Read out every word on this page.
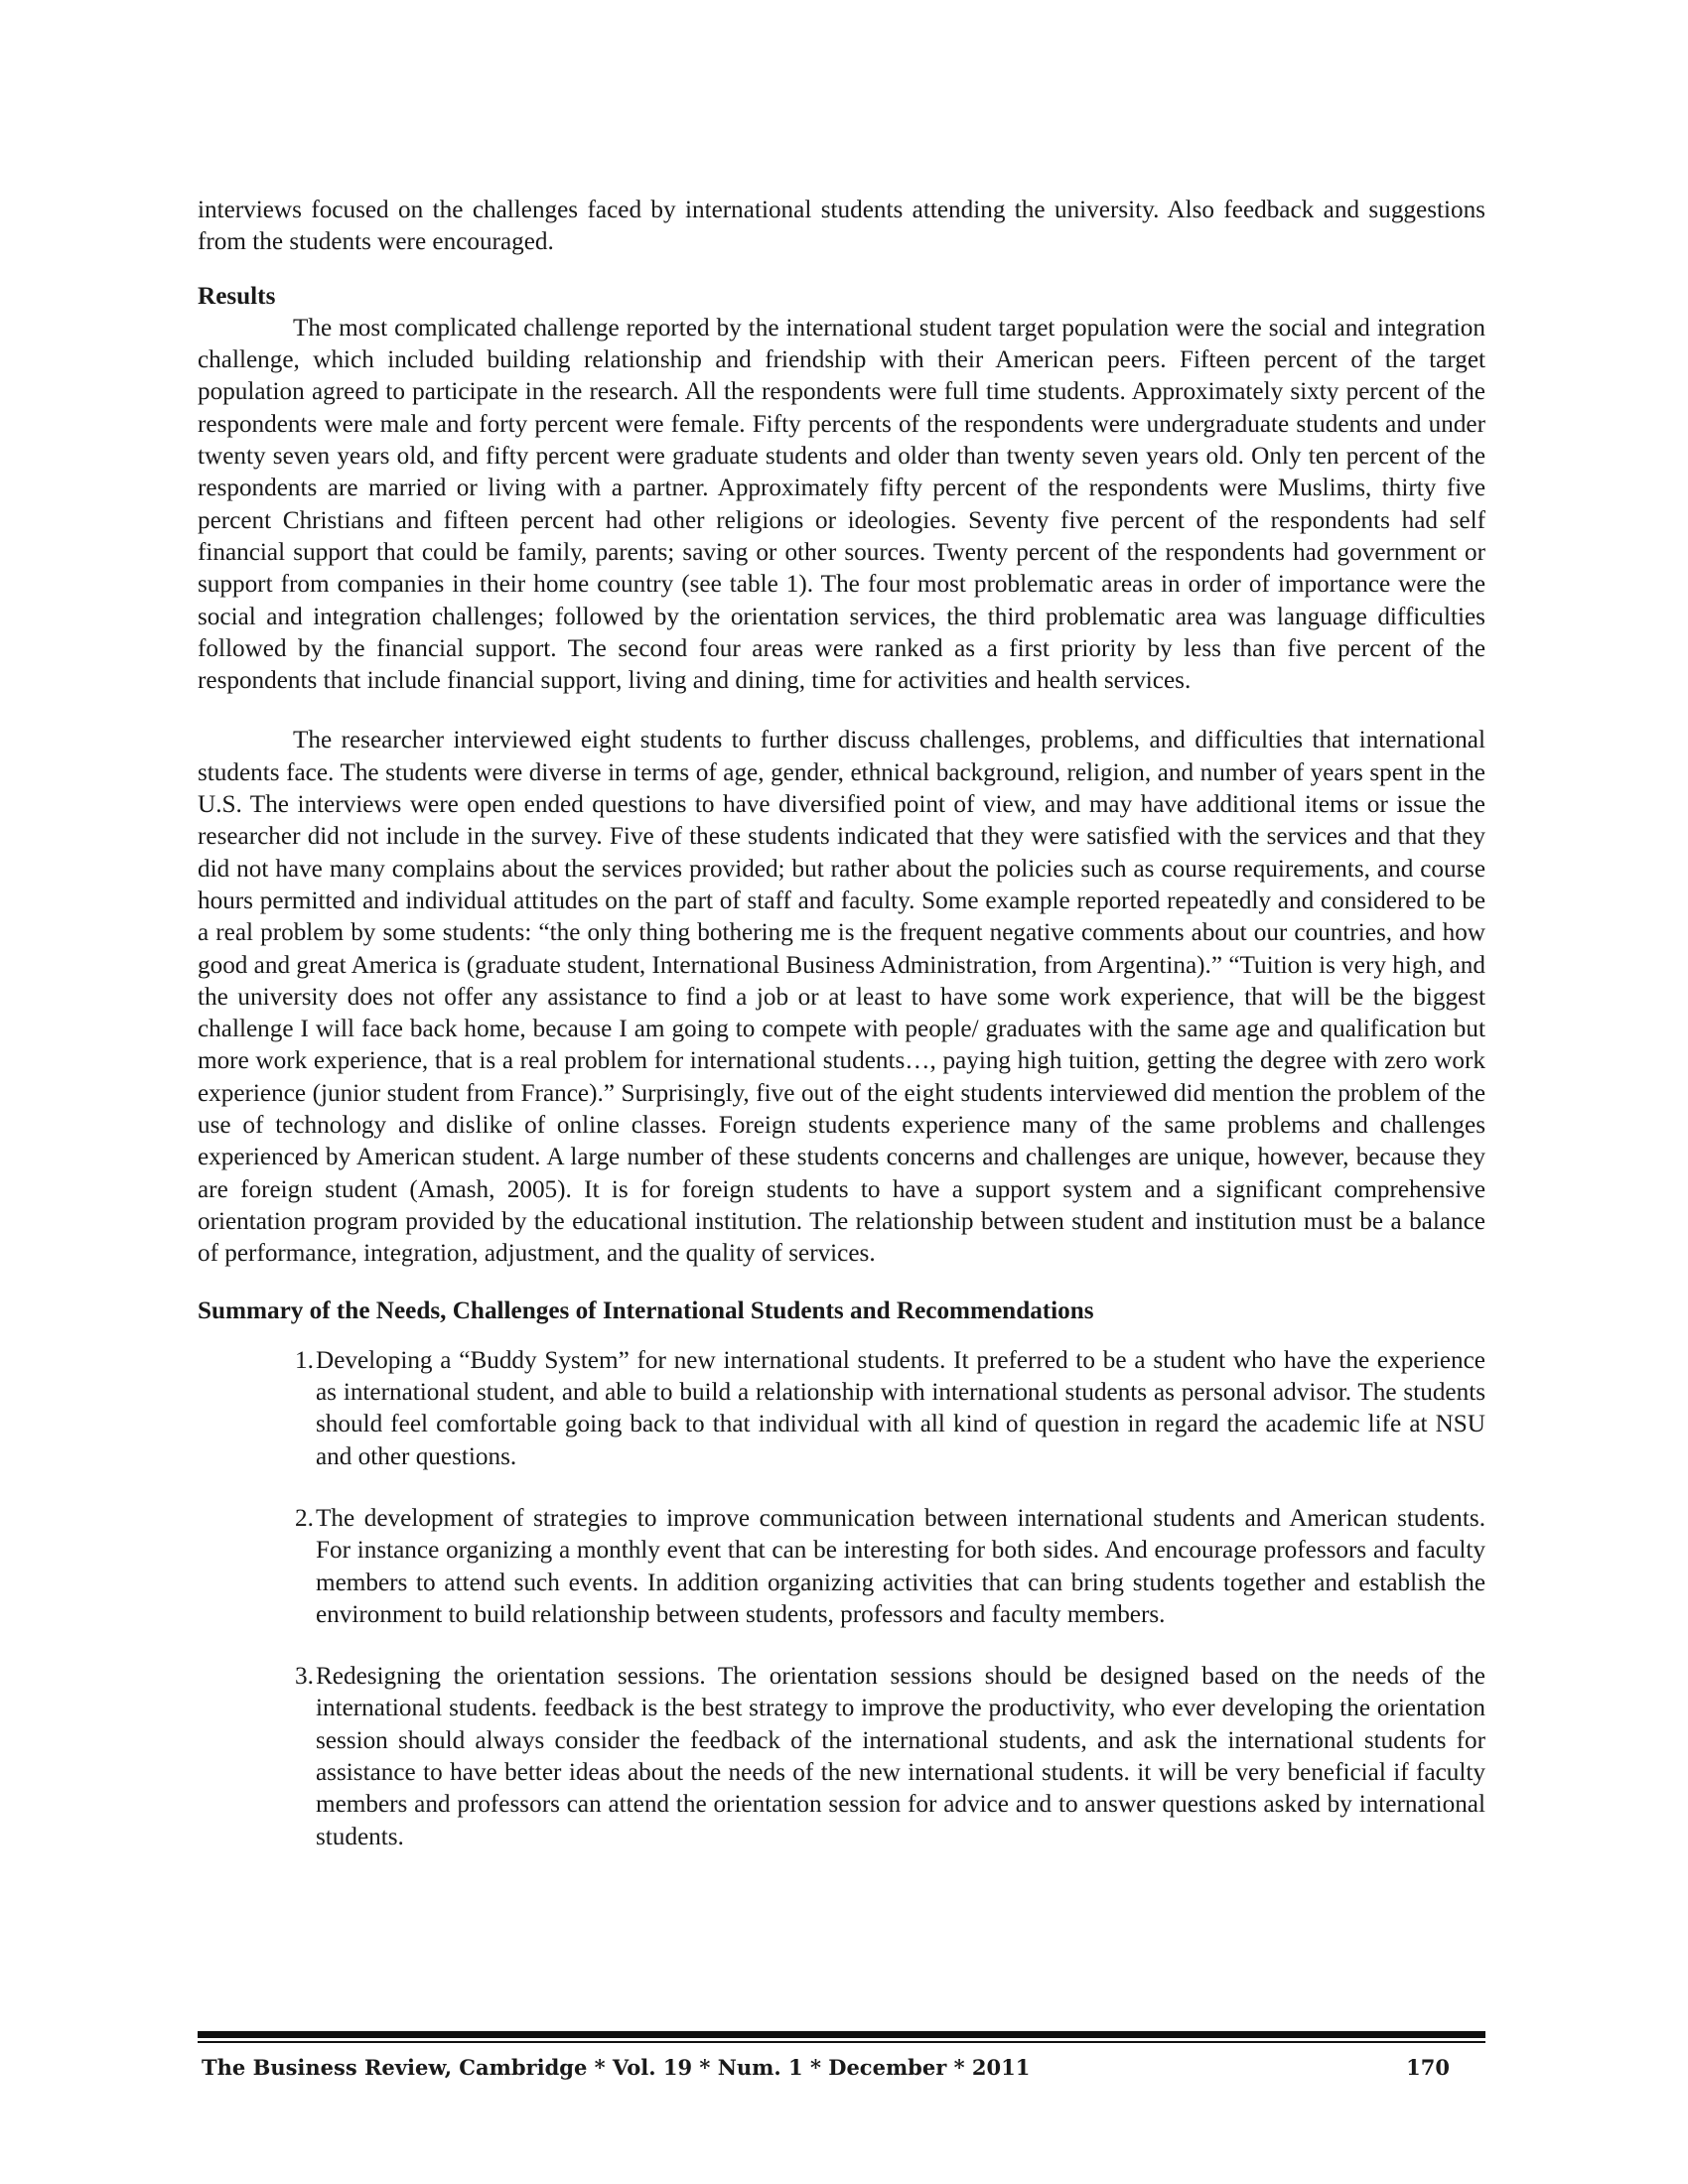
interviews focused on the challenges faced by international students attending the university. Also feedback and suggestions from the students were encouraged.

Results

The most complicated challenge reported by the international student target population were the social and integration challenge, which included building relationship and friendship with their American peers. Fifteen percent of the target population agreed to participate in the research. All the respondents were full time students. Approximately sixty percent of the respondents were male and forty percent were female. Fifty percents of the respondents were undergraduate students and under twenty seven years old, and fifty percent were graduate students and older than twenty seven years old. Only ten percent of the respondents are married or living with a partner. Approximately fifty percent of the respondents were Muslims, thirty five percent Christians and fifteen percent had other religions or ideologies. Seventy five percent of the respondents had self financial support that could be family, parents; saving or other sources. Twenty percent of the respondents had government or support from companies in their home country (see table 1). The four most problematic areas in order of importance were the social and integration challenges; followed by the orientation services, the third problematic area was language difficulties followed by the financial support. The second four areas were ranked as a first priority by less than five percent of the respondents that include financial support, living and dining, time for activities and health services.

The researcher interviewed eight students to further discuss challenges, problems, and difficulties that international students face. The students were diverse in terms of age, gender, ethnical background, religion, and number of years spent in the U.S. The interviews were open ended questions to have diversified point of view, and may have additional items or issue the researcher did not include in the survey. Five of these students indicated that they were satisfied with the services and that they did not have many complains about the services provided; but rather about the policies such as course requirements, and course hours permitted and individual attitudes on the part of staff and faculty. Some example reported repeatedly and considered to be a real problem by some students: “the only thing bothering me is the frequent negative comments about our countries, and how good and great America is (graduate student, International Business Administration, from Argentina).” “Tuition is very high, and the university does not offer any assistance to find a job or at least to have some work experience, that will be the biggest challenge I will face back home, because I am going to compete with people/ graduates with the same age and qualification but more work experience, that is a real problem for international students…, paying high tuition, getting the degree with zero work experience (junior student from France).” Surprisingly, five out of the eight students interviewed did mention the problem of the use of technology and dislike of online classes. Foreign students experience many of the same problems and challenges experienced by American student. A large number of these students concerns and challenges are unique, however, because they are foreign student (Amash, 2005). It is for foreign students to have a support system and a significant comprehensive orientation program provided by the educational institution. The relationship between student and institution must be a balance of performance, integration, adjustment, and the quality of services.

Summary of the Needs, Challenges of International Students and Recommendations
1. Developing a “Buddy System” for new international students. It preferred to be a student who have the experience as international student, and able to build a relationship with international students as personal advisor. The students should feel comfortable going back to that individual with all kind of question in regard the academic life at NSU and other questions.
2. The development of strategies to improve communication between international students and American students. For instance organizing a monthly event that can be interesting for both sides. And encourage professors and faculty members to attend such events. In addition organizing activities that can bring students together and establish the environment to build relationship between students, professors and faculty members.
3. Redesigning the orientation sessions. The orientation sessions should be designed based on the needs of the international students. feedback is the best strategy to improve the productivity, who ever developing the orientation session should always consider the feedback of the international students, and ask the international students for assistance to have better ideas about the needs of the new international students. it will be very beneficial if faculty members and professors can attend the orientation session for advice and to answer questions asked by international students.
The Business Review, Cambridge * Vol. 19 * Num. 1 * December * 2011	170
